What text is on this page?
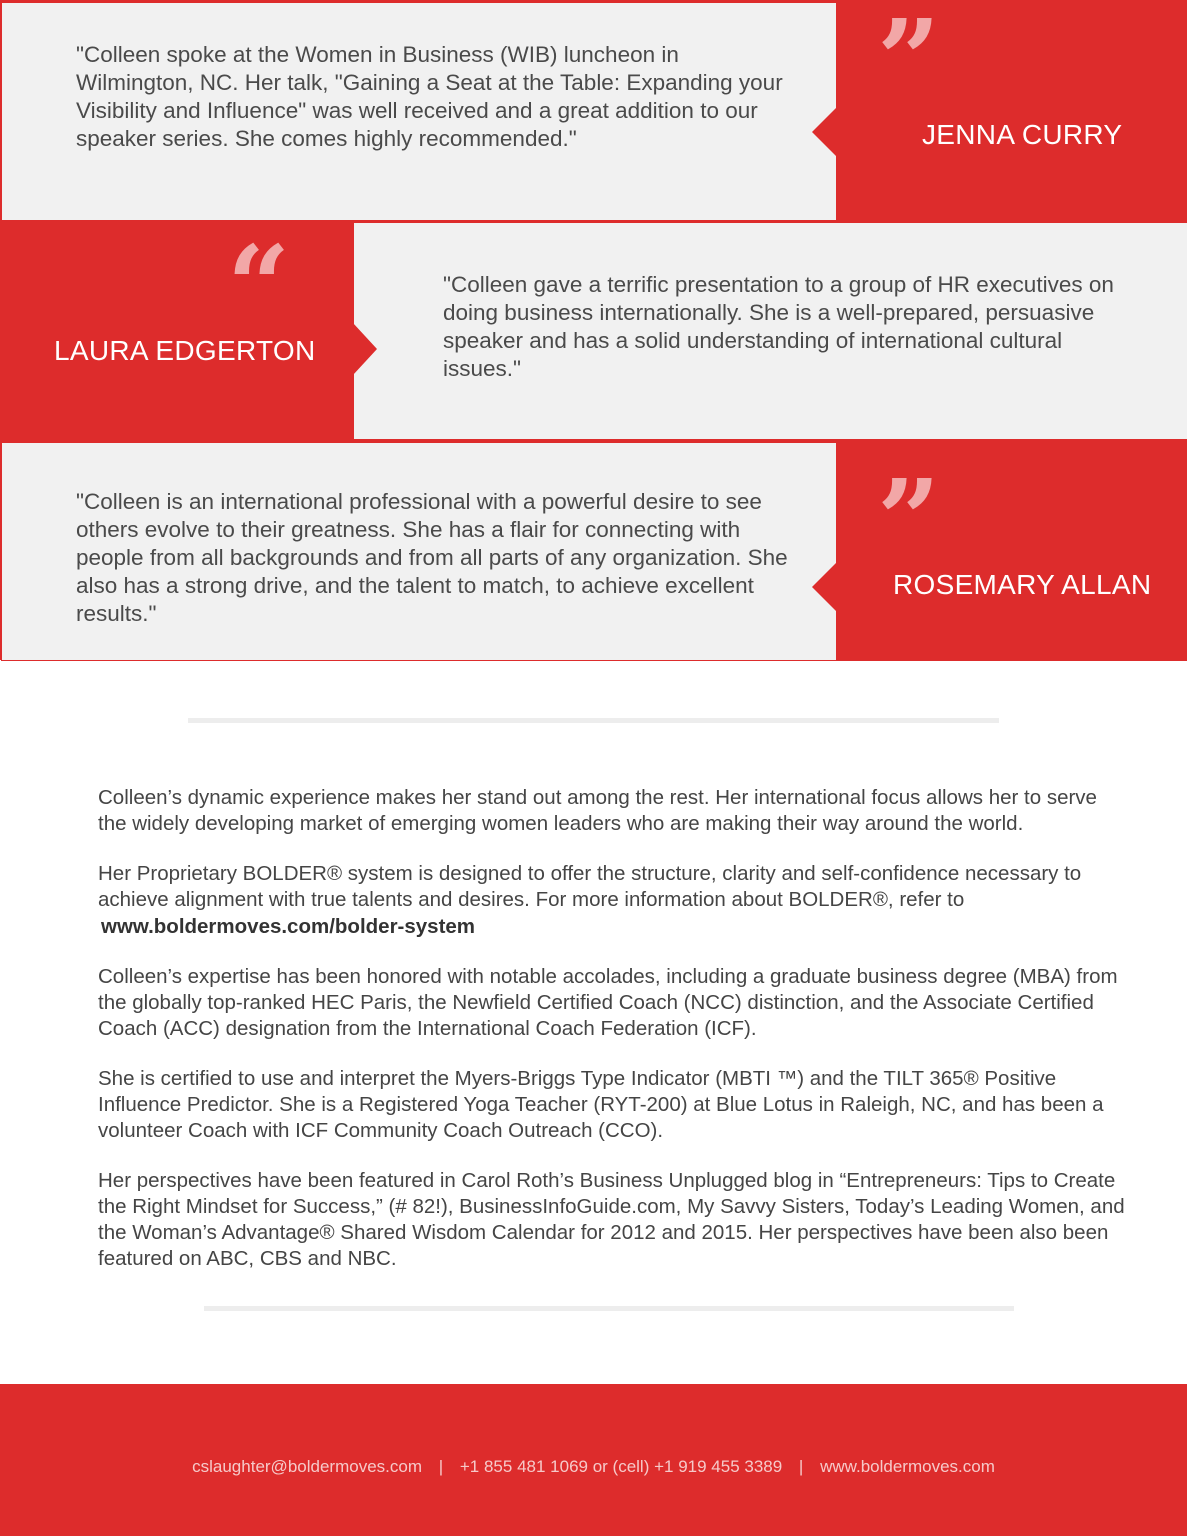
"Colleen spoke at the Women in Business (WIB) luncheon in Wilmington, NC. Her talk, "Gaining a Seat at the Table: Expanding your Visibility and Influence" was well received and a great addition to our speaker series. She comes highly recommended."

”
JENNA CURRY

"Colleen gave a terrific presentation to a group of HR executives on doing business internationally. She is a well-prepared, persuasive speaker and has a solid understanding of international cultural issues."

“
LAURA EDGERTON

"Colleen is an international professional with a powerful desire to see others evolve to their greatness. She has a flair for connecting with people from all backgrounds and from all parts of any organization. She also has a strong drive, and the talent to match, to achieve excellent results."

”
ROSEMARY ALLAN

Colleen’s dynamic experience makes her stand out among the rest. Her international focus allows her to serve the widely developing market of emerging women leaders who are making their way around the world.

Her Proprietary BOLDER® system is designed to offer the structure, clarity and self-confidence necessary to achieve alignment with true talents and desires. For more information about BOLDER®, refer to
www.boldermoves.com/bolder-system

Colleen’s expertise has been honored with notable accolades, including a graduate business degree (MBA) from the globally top-ranked HEC Paris, the Newfield Certified Coach (NCC) distinction, and the Associate Certified Coach (ACC) designation from the International Coach Federation (ICF).

She is certified to use and interpret the Myers-Briggs Type Indicator (MBTI ™) and the TILT 365® Positive Influence Predictor. She is a Registered Yoga Teacher (RYT-200) at Blue Lotus in Raleigh, NC, and has been a volunteer Coach with ICF Community Coach Outreach (CCO).

Her perspectives have been featured in Carol Roth’s Business Unplugged blog in “Entrepreneurs: Tips to Create the Right Mindset for Success,” (# 82!), BusinessInfoGuide.com, My Savvy Sisters, Today’s Leading Women, and the Woman’s Advantage® Shared Wisdom Calendar for 2012 and 2015. Her perspectives have been also been featured on ABC, CBS and NBC.

cslaughter@boldermoves.com | +1 855 481 1069 or (cell) +1 919 455 3389 | www.boldermoves.com
